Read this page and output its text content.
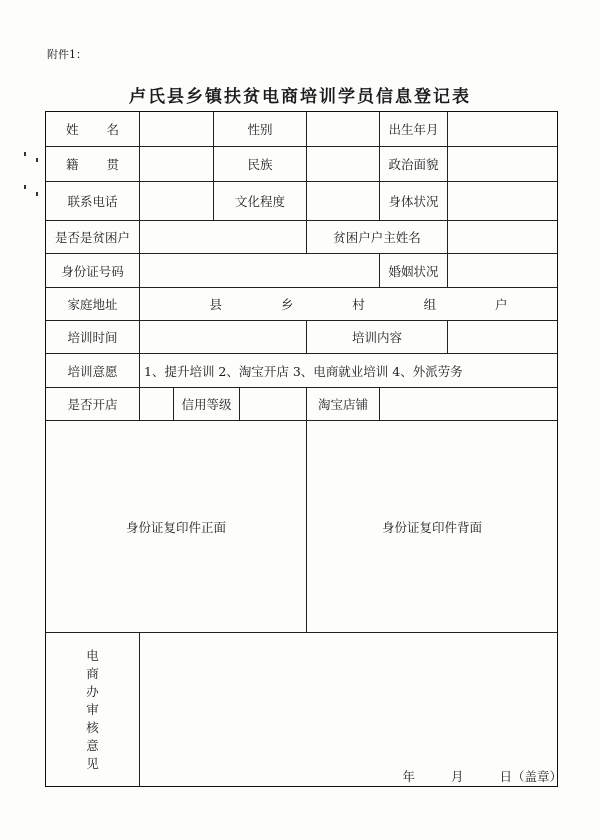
附件1：
卢氏县乡镇扶贫电商培训学员信息登记表
姓 名	性别	出生年月
籍 贯	民族	政治面貌
联系电话	文化程度	身体状况
是否是贫困户	贫困户户主姓名
身份证号码	婚姻状况
家庭地址	县	乡	村	组	户
培训时间	培训内容
培训意愿	1、提升培训 2、淘宝开店 3、电商就业培训 4、外派劳务
是否开店	信用等级	淘宝店铺
身份证复印件正面	身份证复印件背面
电
商
办
审
核
意
见
年	月	日（盖章）
